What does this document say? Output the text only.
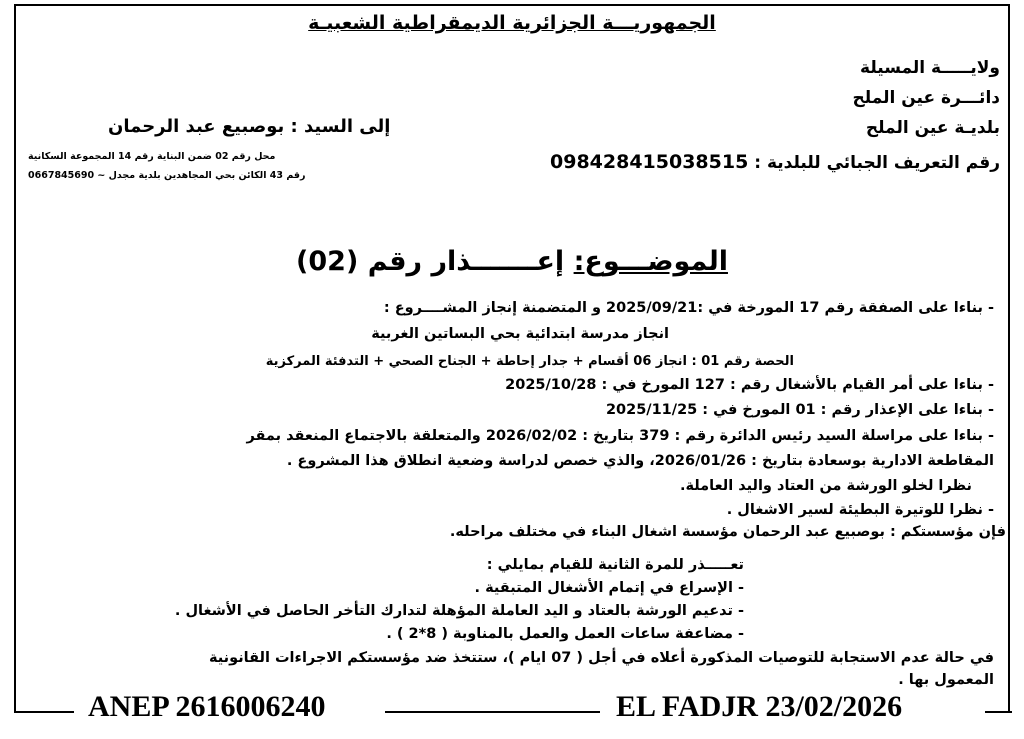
الجمهوريـــة الجزائرية الديمقراطية الشعبيـة
ولايـــــة المسيلة
دائـــرة عين الملح
بلديـة عين الملح
رقم التعريف الجبائي للبلدية : 098428415038515
إلى السيد : بوصبيع عبد الرحمان
محل رقم 02 ضمن البناية رقم 14 المجموعة السكانية
رقم 43 الكائن بحي المجاهدين بلدية مجدل ~ 0667845690
الموضـــوع: إعـــــــذار رقم (02)
- بناءا على الصفقة رقم 17 المورخة في :2025/09/21 و المتضمنة إنجاز المشــــروع :
انجاز مدرسة ابتدائية بحي البساتين الغربية
الحصة رقم 01 : انجاز 06 أقسام + جدار إحاطة + الجناح الصحي + التدفئة المركزية
- بناءا على أمر القيام بالأشغال رقم : 127 المورخ في : 2025/10/28
- بناءا على الإعذار رقم : 01 المورخ في : 2025/11/25
- بناءا على مراسلة السيد رئيس الدائرة رقم : 379 بتاريخ : 2026/02/02 والمتعلقة بالاجتماع المنعقد بمقر
المقاطعة الادارية بوسعادة بتاريخ : 2026/01/26، والذي خصص لدراسة وضعية انطلاق هذا المشروع .
نظرا لخلو الورشة من العتاد واليد العاملة.
- نظرا للوتيرة البطيئة لسير الاشغال .
فإن مؤسستكم : بوصبيع عبد الرحمان مؤسسة اشغال البناء في مختلف مراحله.
تعـــــذر للمرة الثانية للقيام بمايلي :
- الإسراع في إتمام الأشغال المتبقية .
- تدعيم الورشة بالعتاد و اليد العاملة المؤهلة لتدارك التأخر الحاصل في الأشغال .
- مضاعفة ساعات العمل والعمل بالمناوبة ( 8*2 ) .
في حالة عدم الاستجابة للتوصيات المذكورة أعلاه في أجل ( 07 ايام )، ستتخذ ضد مؤسستكم الاجراءات القانونية
المعمول بها .
ANEP 2616006240	EL FADJR 23/02/2026
